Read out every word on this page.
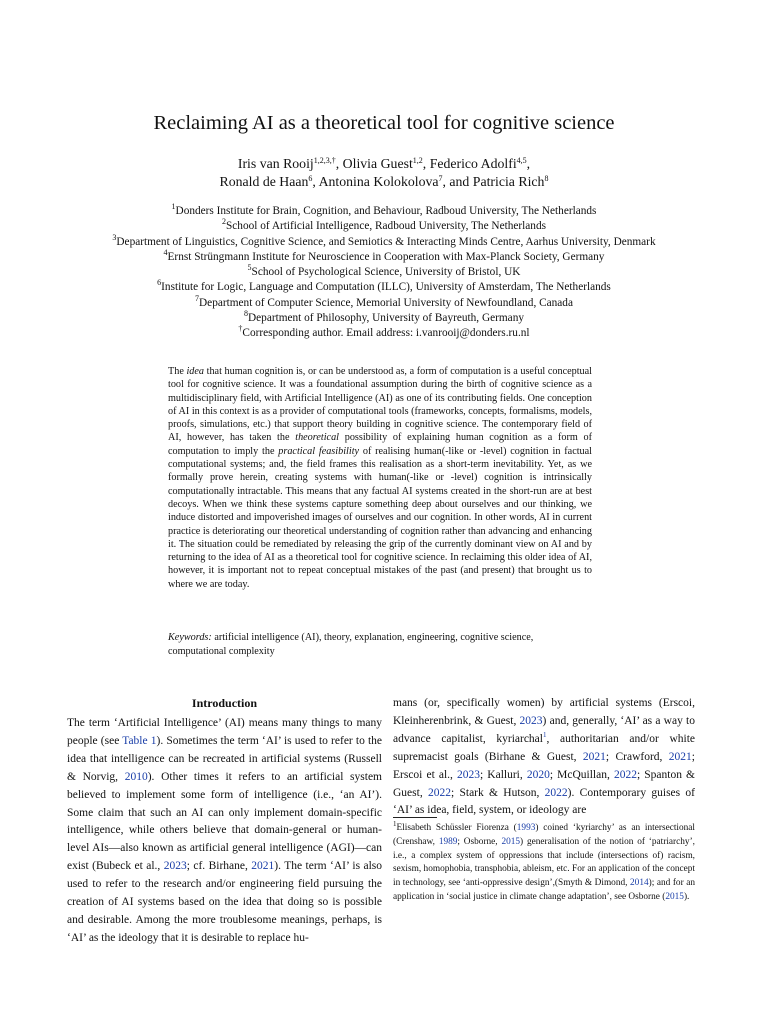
Reclaiming AI as a theoretical tool for cognitive science
Iris van Rooij$^{1,2,3,\dagger}$, Olivia Guest$^{1,2}$, Federico Adolfi$^{4,5}$,
Ronald de Haan$^6$, Antonina Kolokolova$^7$, and Patricia Rich$^8$
$^1$Donders Institute for Brain, Cognition, and Behaviour, Radboud University, The Netherlands
$^2$School of Artificial Intelligence, Radboud University, The Netherlands
$^3$Department of Linguistics, Cognitive Science, and Semiotics & Interacting Minds Centre, Aarhus University, Denmark
$^4$Ernst Strüngmann Institute for Neuroscience in Cooperation with Max-Planck Society, Germany
$^5$School of Psychological Science, University of Bristol, UK
$^6$Institute for Logic, Language and Computation (ILLC), University of Amsterdam, The Netherlands
$^7$Department of Computer Science, Memorial University of Newfoundland, Canada
$^8$Department of Philosophy, University of Bayreuth, Germany
†Corresponding author. Email address: i.vanrooij@donders.ru.nl
The idea that human cognition is, or can be understood as, a form of computation is a useful conceptual tool for cognitive science. It was a foundational assumption during the birth of cognitive science as a multidisciplinary field, with Artificial Intelligence (AI) as one of its contributing fields. One conception of AI in this context is as a provider of computational tools (frameworks, concepts, formalisms, models, proofs, simulations, etc.) that support theory building in cognitive science. The contemporary field of AI, however, has taken the theoretical possibility of explaining human cognition as a form of computation to imply the practical feasibility of realising human(-like or -level) cognition in factual computational systems; and, the field frames this realisation as a short-term inevitability. Yet, as we formally prove herein, creating systems with human(-like or -level) cognition is intrinsically computationally intractable. This means that any factual AI systems created in the short-run are at best decoys. When we think these systems capture something deep about ourselves and our thinking, we induce distorted and impoverished images of ourselves and our cognition. In other words, AI in current practice is deteriorating our theoretical understanding of cognition rather than advancing and enhancing it. The situation could be remediated by releasing the grip of the currently dominant view on AI and by returning to the idea of AI as a theoretical tool for cognitive science. In reclaiming this older idea of AI, however, it is important not to repeat conceptual mistakes of the past (and present) that brought us to where we are today.
Keywords: artificial intelligence (AI), theory, explanation, engineering, cognitive science, computational complexity
Introduction
The term ‘Artificial Intelligence’ (AI) means many things to many people (see Table 1). Sometimes the term ‘AI’ is used to refer to the idea that intelligence can be recreated in artificial systems (Russell & Norvig, 2010). Other times it refers to an artificial system believed to implement some form of intelligence (i.e., ‘an AI’). Some claim that such an AI can only implement domain-specific intelligence, while others believe that domain-general or human-level AIs—also known as artificial general intelligence (AGI)—can exist (Bubeck et al., 2023; cf. Birhane, 2021). The term ‘AI’ is also used to refer to the research and/or engineering field pursuing the creation of AI systems based on the idea that doing so is possible and desirable. Among the more troublesome meanings, perhaps, is ‘AI’ as the ideology that it is desirable to replace hu-
mans (or, specifically women) by artificial systems (Erscoi, Kleinherenbrink, & Guest, 2023) and, generally, ‘AI’ as a way to advance capitalist, kyriarchal$^1$, authoritarian and/or white supremacist goals (Birhane & Guest, 2021; Crawford, 2021; Erscoi et al., 2023; Kalluri, 2020; McQuillan, 2022; Spanton & Guest, 2022; Stark & Hutson, 2022). Contemporary guises of ‘AI’ as idea, field, system, or ideology are
$^1$Elisabeth Schüssler Fiorenza (1993) coined ‘kyriarchy’ as an intersectional (Crenshaw, 1989; Osborne, 2015) generalisation of the notion of ‘patriarchy’, i.e., a complex system of oppressions that include (intersections of) racism, sexism, homophobia, transphobia, ableism, etc. For an application of the concept in technology, see ‘anti-oppressive design’,(Smyth & Dimond, 2014); and for an application in ‘social justice in climate change adaptation’, see Osborne (2015).
